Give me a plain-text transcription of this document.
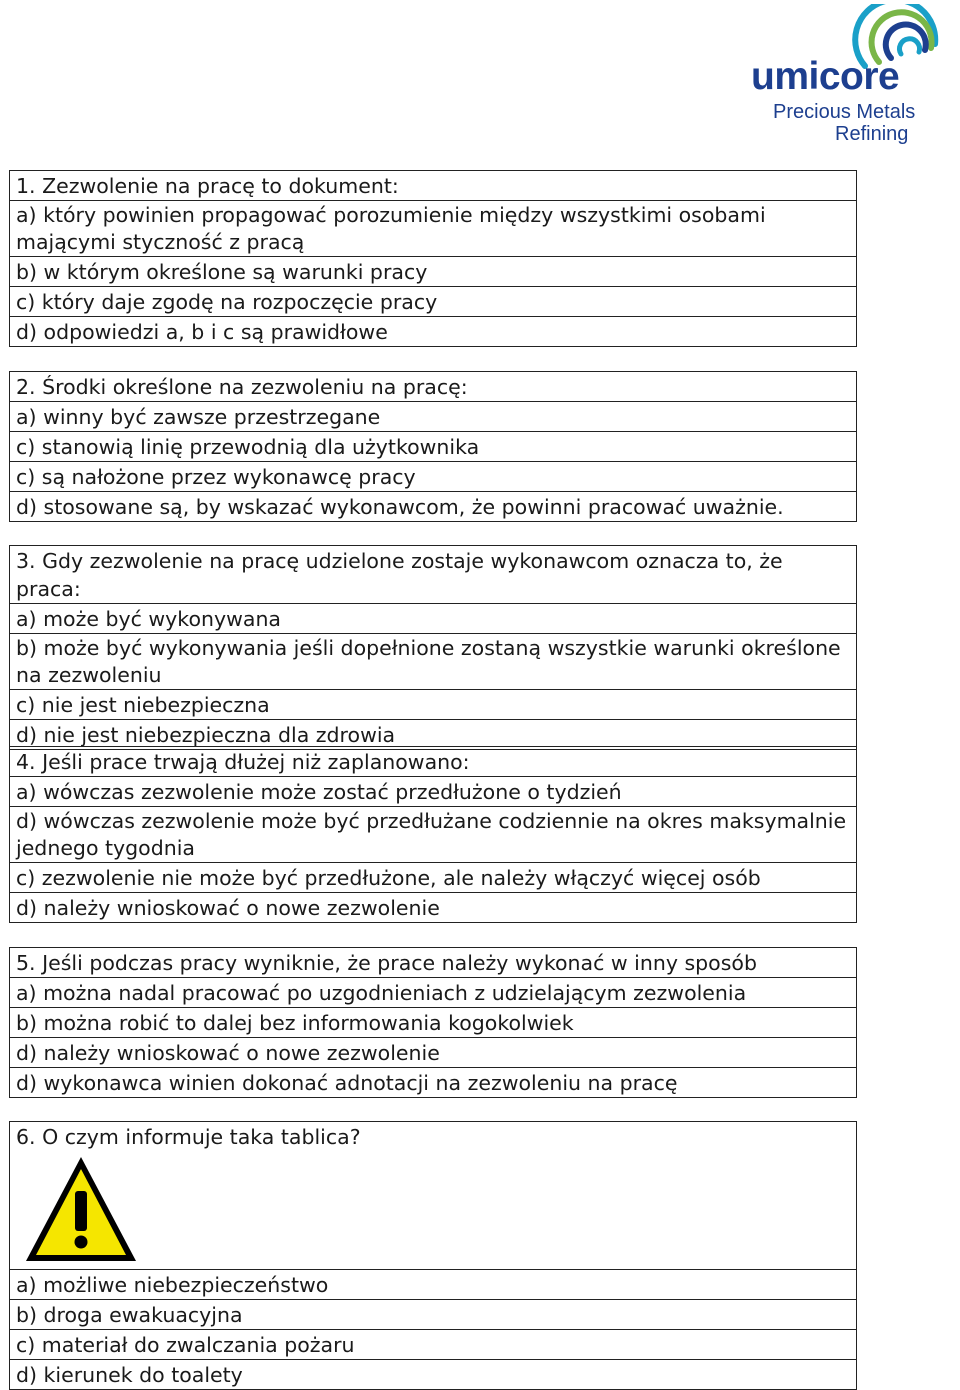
umicore
Precious Metals
Refining
1. Zezwolenie na pracę to dokument:
a) który powinien propagować porozumienie między wszystkimi osobami mającymi styczność z pracą
b) w którym określone są warunki pracy
c) który daje zgodę na rozpoczęcie pracy
d) odpowiedzi a, b i c są prawidłowe
2. Środki określone na zezwoleniu na pracę:
a) winny być zawsze przestrzegane
c) stanowią linię przewodnią dla użytkownika
c) są nałożone przez wykonawcę pracy
d) stosowane są, by wskazać wykonawcom, że powinni pracować uważnie.
3. Gdy zezwolenie na pracę udzielone zostaje wykonawcom oznacza to, że praca:
a) może być wykonywana
b) może być wykonywania jeśli dopełnione zostaną wszystkie warunki określone na zezwoleniu
c) nie jest niebezpieczna
d) nie jest niebezpieczna dla zdrowia
4. Jeśli prace trwają dłużej niż zaplanowano:
a) wówczas zezwolenie może zostać przedłużone o tydzień
d) wówczas zezwolenie może być przedłużane codziennie na okres maksymalnie jednego tygodnia
c) zezwolenie nie może być przedłużone, ale należy włączyć więcej osób
d) należy wnioskować o nowe zezwolenie
5. Jeśli podczas pracy wyniknie, że prace należy wykonać w inny sposób
a) można nadal pracować po uzgodnieniach z udzielającym zezwolenia
b) można robić to dalej bez informowania kogokolwiek
d) należy wnioskować o nowe zezwolenie
d) wykonawca winien dokonać adnotacji na zezwoleniu na pracę
6. O czym informuje taka tablica?
a) możliwe niebezpieczeństwo
b) droga ewakuacyjna
c) materiał do zwalczania pożaru
d) kierunek do toalety
